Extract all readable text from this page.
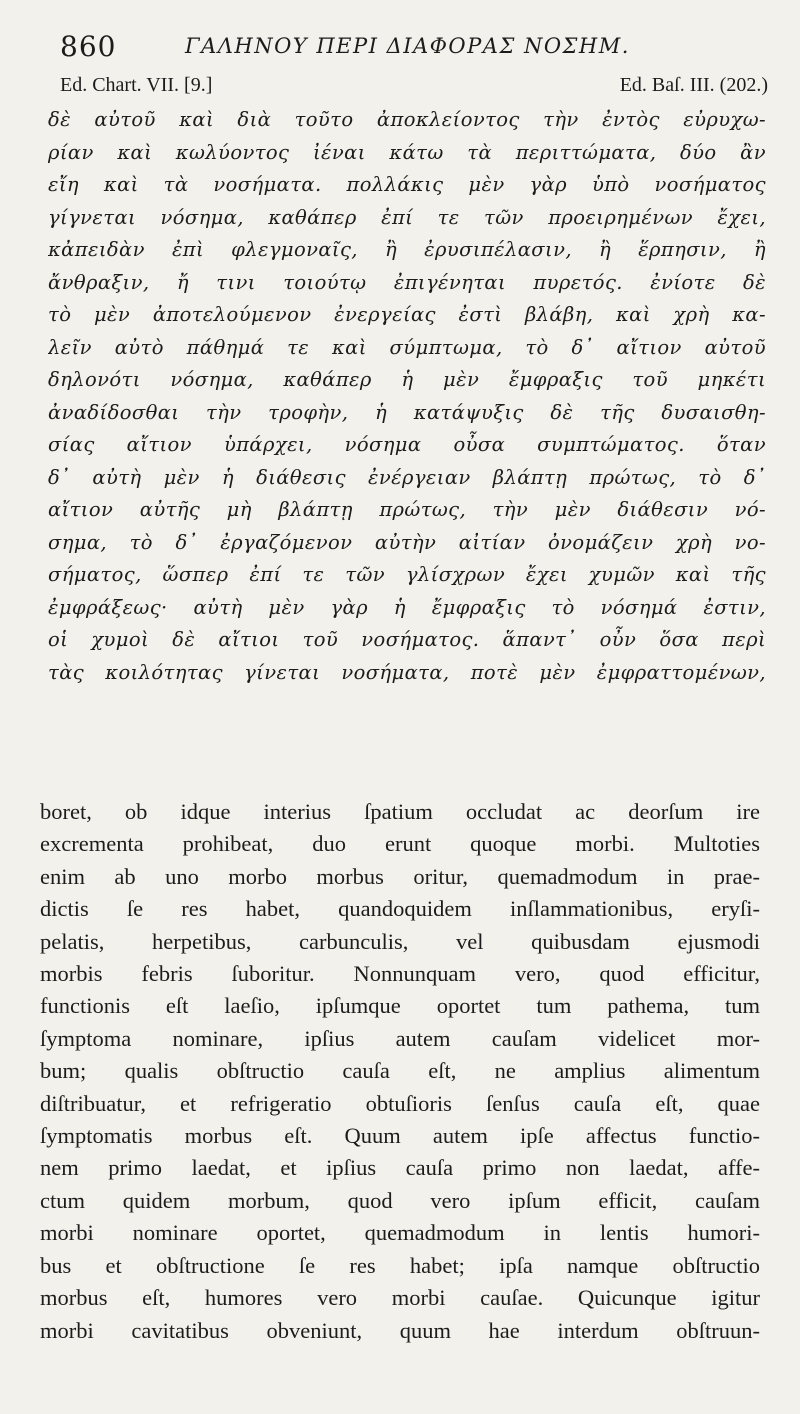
860	ΓΑΛΗΝΟΥ ΠΕΡΙ ΔΙΑΦΟΡΑΣ ΝΟΣΗΜ.
Ed. Chart. VII. [9.]	Ed. Baſ. III. (202.)
δὲ αὐτοῦ καὶ διὰ τοῦτο ἀποκλείοντος τὴν ἐντὸς εὐρυχω-
ρίαν καὶ κωλύοντος ἰέναι κάτω τὰ περιττώματα, δύο ἂν
εἴη καὶ τὰ νοσήματα. πολλάκις μὲν γὰρ ὑπὸ νοσήματος
γίγνεται νόσημα, καθάπερ ἐπί τε τῶν προειρημένων ἔχει,
κἀπειδὰν ἐπὶ φλεγμοναῖς, ἢ ἐρυσιπέλασιν, ἢ ἕρπησιν, ἢ
ἄνθραξιν, ἤ τινι τοιούτῳ ἐπιγένηται πυρετός. ἐνίοτε δὲ
τὸ μὲν ἀποτελούμενον ἐνεργείας ἐστὶ βλάβη, καὶ χρὴ κα-
λεῖν αὐτὸ πάθημά τε καὶ σύμπτωμα, τὸ δ᾽ αἴτιον αὐτοῦ
δηλονότι νόσημα, καθάπερ ἡ μὲν ἔμφραξις τοῦ μηκέτι
ἀναδίδοσθαι τὴν τροφὴν, ἡ κατάψυξις δὲ τῆς δυσαισθη-
σίας αἴτιον ὑπάρχει, νόσημα οὖσα συμπτώματος. ὅταν
δ᾽ αὐτὴ μὲν ἡ διάθεσις ἐνέργειαν βλάπτῃ πρώτως, τὸ δ᾽
αἴτιον αὐτῆς μὴ βλάπτῃ πρώτως, τὴν μὲν διάθεσιν νό-
σημα, τὸ δ᾽ ἐργαζόμενον αὐτὴν αἰτίαν ὀνομάζειν χρὴ νο-
σήματος, ὥσπερ ἐπί τε τῶν γλίσχρων ἔχει χυμῶν καὶ τῆς
ἐμφράξεως· αὐτὴ μὲν γὰρ ἡ ἔμφραξις τὸ νόσημά ἐστιν,
οἱ χυμοὶ δὲ αἴτιοι τοῦ νοσήματος. ἅπαντ᾽ οὖν ὅσα περὶ
τὰς κοιλότητας γίνεται νοσήματα, ποτὲ μὲν ἐμφραττομένων,
boret, ob idque interius ſpatium occludat ac deorſum ire
excrementa prohibeat, duo erunt quoque morbi. Multoties
enim ab uno morbo morbus oritur, quemadmodum in prae-
dictis ſe res habet, quandoquidem inſlammationibus, eryſi-
pelatis, herpetibus, carbunculis, vel quibusdam ejusmodi
morbis febris ſuboritur. Nonnunquam vero, quod efficitur,
functionis eſt laeſio, ipſumque oportet tum pathema, tum
ſymptoma nominare, ipſius autem cauſam videlicet mor-
bum; qualis obſtructio cauſa eſt, ne amplius alimentum
diſtribuatur, et refrigeratio obtuſioris ſenſus cauſa eſt, quae
ſymptomatis morbus eſt. Quum autem ipſe affectus functio-
nem primo laedat, et ipſius cauſa primo non laedat, affe-
ctum quidem morbum, quod vero ipſum efficit, cauſam
morbi nominare oportet, quemadmodum in lentis humori-
bus et obſtructione ſe res habet; ipſa namque obſtructio
morbus eſt, humores vero morbi cauſae. Quicunque igitur
morbi cavitatibus obveniunt, quum hae interdum obſtruun-
